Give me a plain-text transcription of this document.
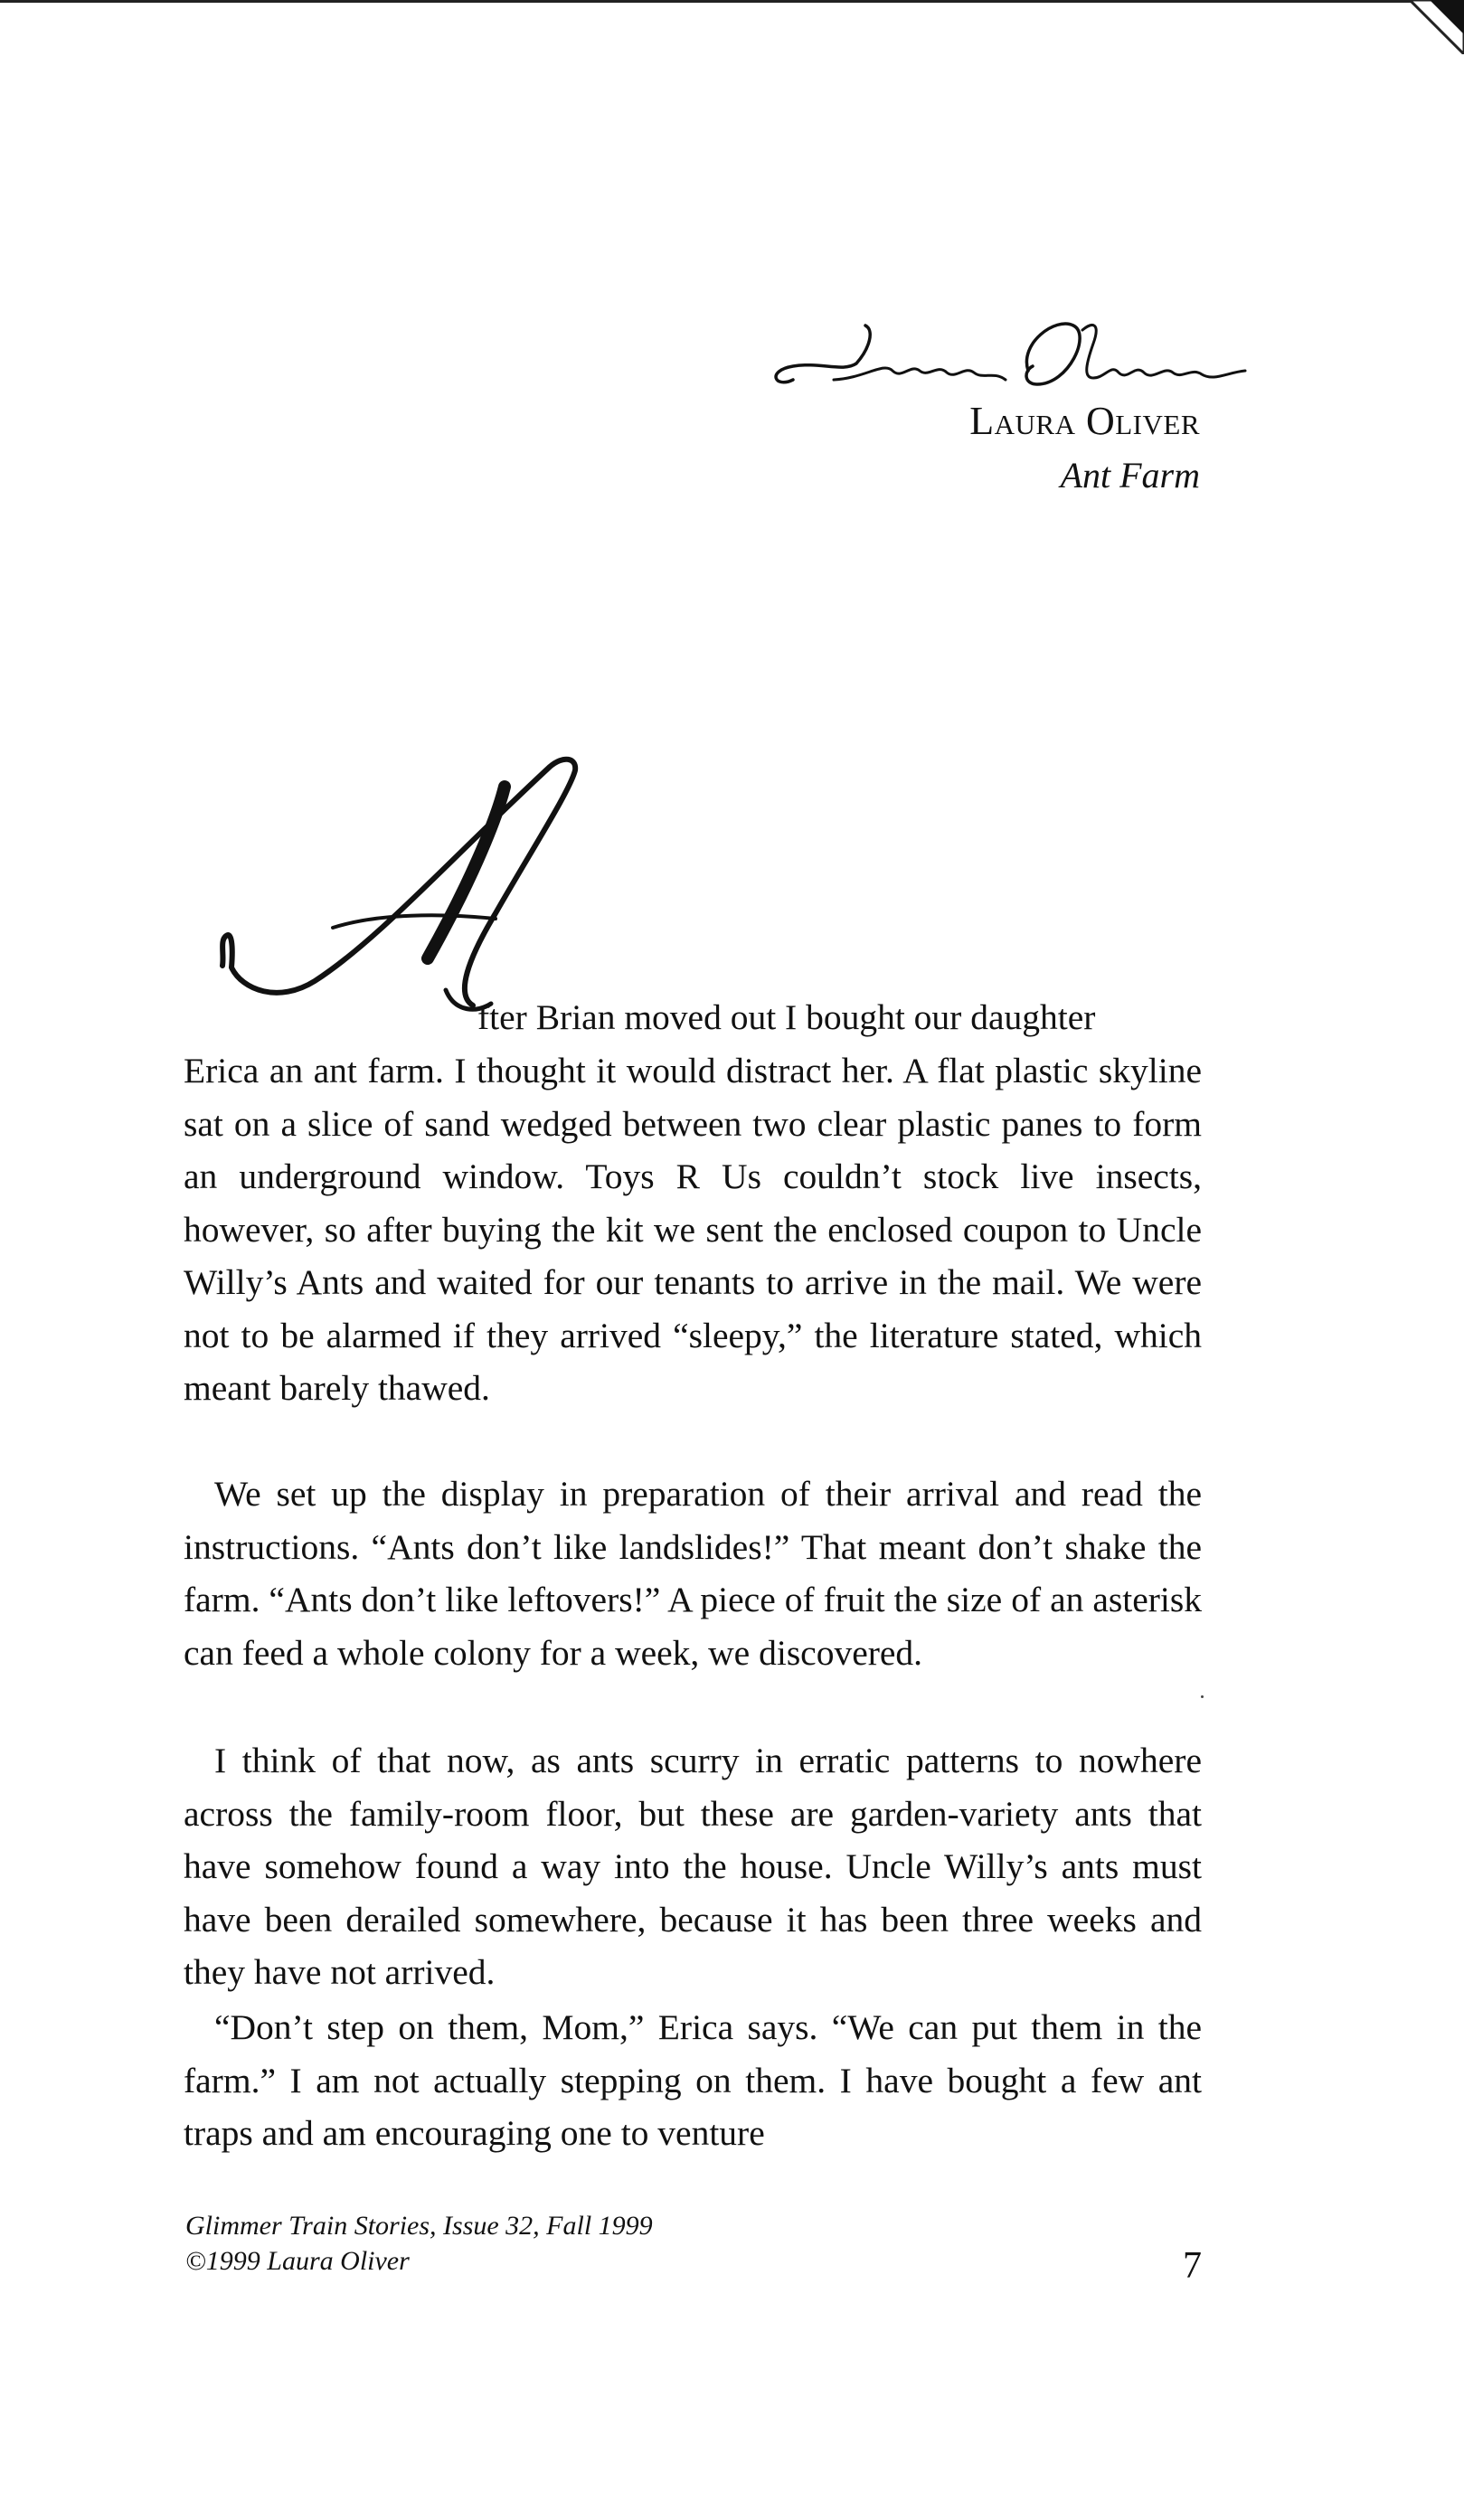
Laura Oliver
Ant Farm
A
fter Brian moved out I bought our daughter

Erica an ant farm. I thought it would distract her. A flat plastic skyline sat on a slice of sand wedged between two clear plastic panes to form an underground window. Toys R Us couldn’t stock live insects, however, so after buying the kit we sent the enclosed coupon to Uncle Willy’s Ants and waited for our tenants to arrive in the mail. We were not to be alarmed if they arrived “sleepy,” the literature stated, which meant barely thawed.

We set up the display in preparation of their arrival and read the instructions. “Ants don’t like landslides!” That meant don’t shake the farm. “Ants don’t like leftovers!” A piece of fruit the size of an asterisk can feed a whole colony for a week, we discovered.

I think of that now, as ants scurry in erratic patterns to nowhere across the family-room floor, but these are garden-variety ants that have somehow found a way into the house. Uncle Willy’s ants must have been derailed somewhere, because it has been three weeks and they have not arrived.

“Don’t step on them, Mom,” Erica says. “We can put them in the farm.” I am not actually stepping on them. I have bought a few ant traps and am encouraging one to venture

Glimmer Train Stories, Issue 32, Fall 1999
©1999 Laura Oliver	7
